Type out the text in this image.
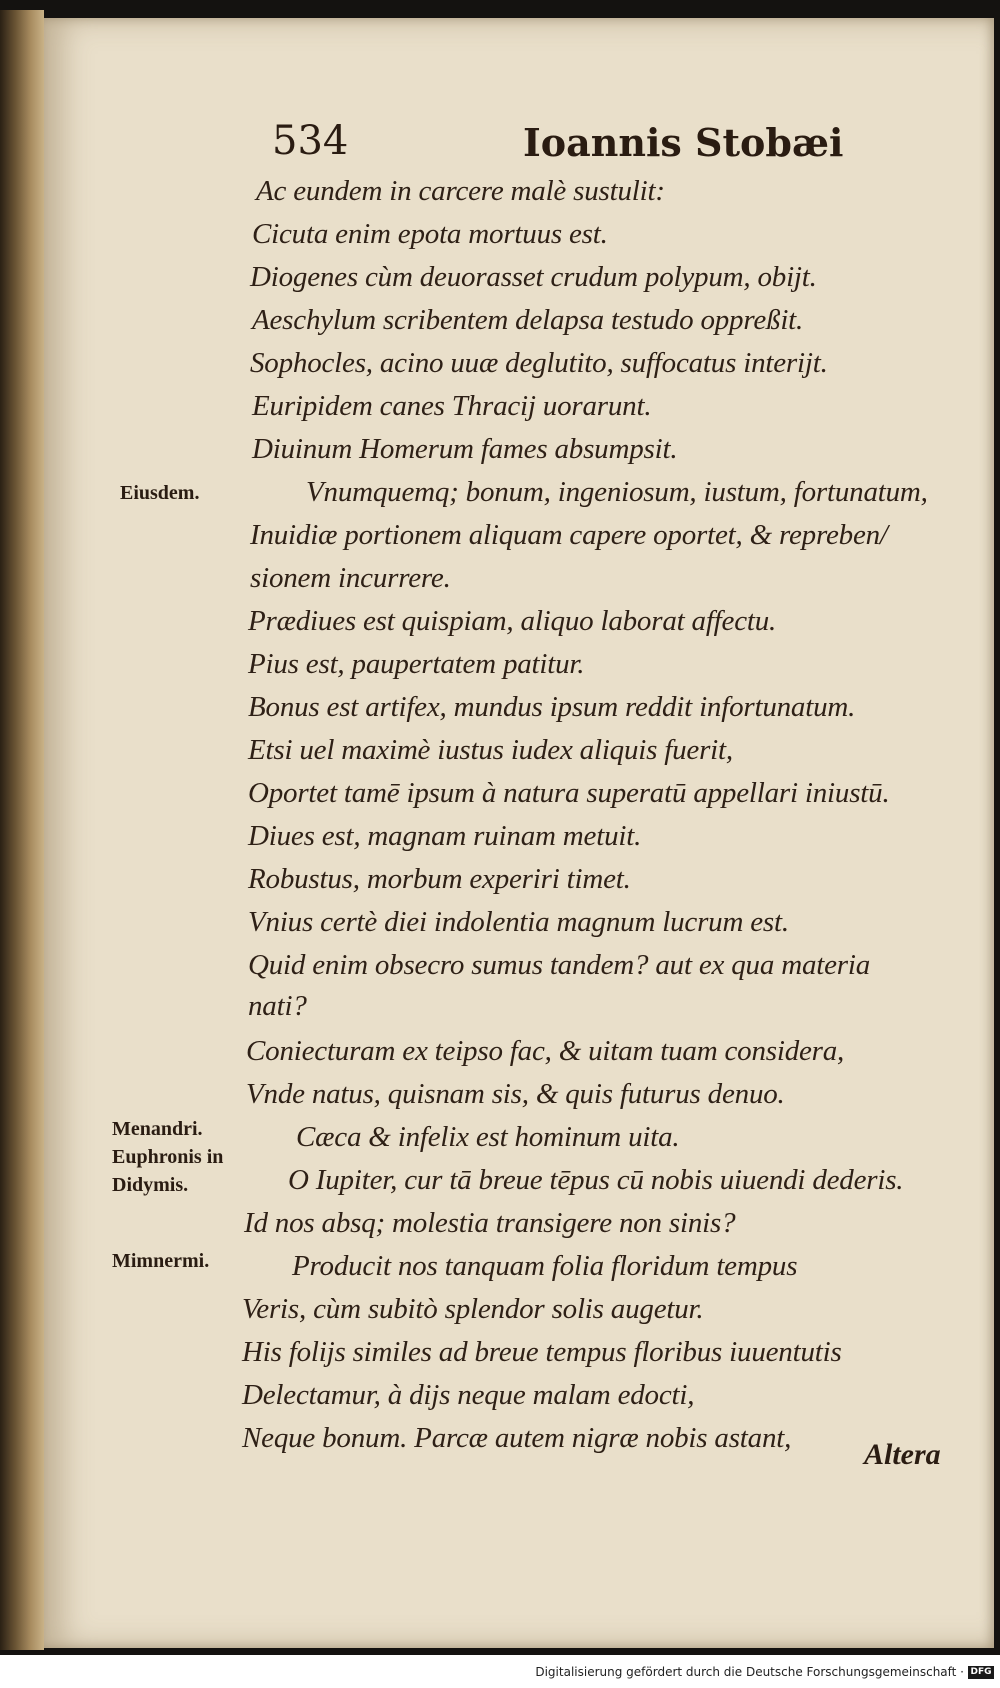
534	Ioannis Stobæi
Ac eundem in carcere malè sustulit:
Cicuta enim epota mortuus est.
Diogenes cùm deuorasset crudum polypum, obijt.
Aeschylum scribentem delapsa testudo oppreßit.
Sophocles, acino uuæ deglutito, suffocatus interijt.
Euripidem canes Thracij uorarunt.
Diuinum Homerum fames absumpsit.
Vnumquemq; bonum, ingeniosum, iustum, fortunatum,
Inuidiæ portionem aliquam capere oportet, & repreben/
sionem incurrere.
Prædiues est quispiam, aliquo laborat affectu.
Pius est, paupertatem patitur.
Bonus est artifex, mundus ipsum reddit infortunatum.
Etsi uel maximè iustus iudex aliquis fuerit,
Oportet tamē ipsum à natura superatū appellari iniustū.
Diues est, magnam ruinam metuit.
Robustus, morbum experiri timet.
Vnius certè diei indolentia magnum lucrum est.
Quid enim obsecro sumus tandem? aut ex qua materia
nati?
Coniecturam ex teipso fac, & uitam tuam considera,
Vnde natus, quisnam sis, & quis futurus denuo.
Cæca & infelix est hominum uita.
O Iupiter, cur tā breue tēpus cū nobis uiuendi dederis.
Id nos absq; molestia transigere non sinis?
Producit nos tanquam folia floridum tempus
Veris, cùm subitò splendor solis augetur.
His folijs similes ad breue tempus floribus iuuentutis
Delectamur, à dijs neque malam edocti,
Neque bonum. Parcæ autem nigræ nobis astant,
Eiusdem.
Menandri.
Euphronis in
Didymis.
Mimnermi.
Altera
Digitalisierung gefördert durch die Deutsche Forschungsgemeinschaft · DFG
